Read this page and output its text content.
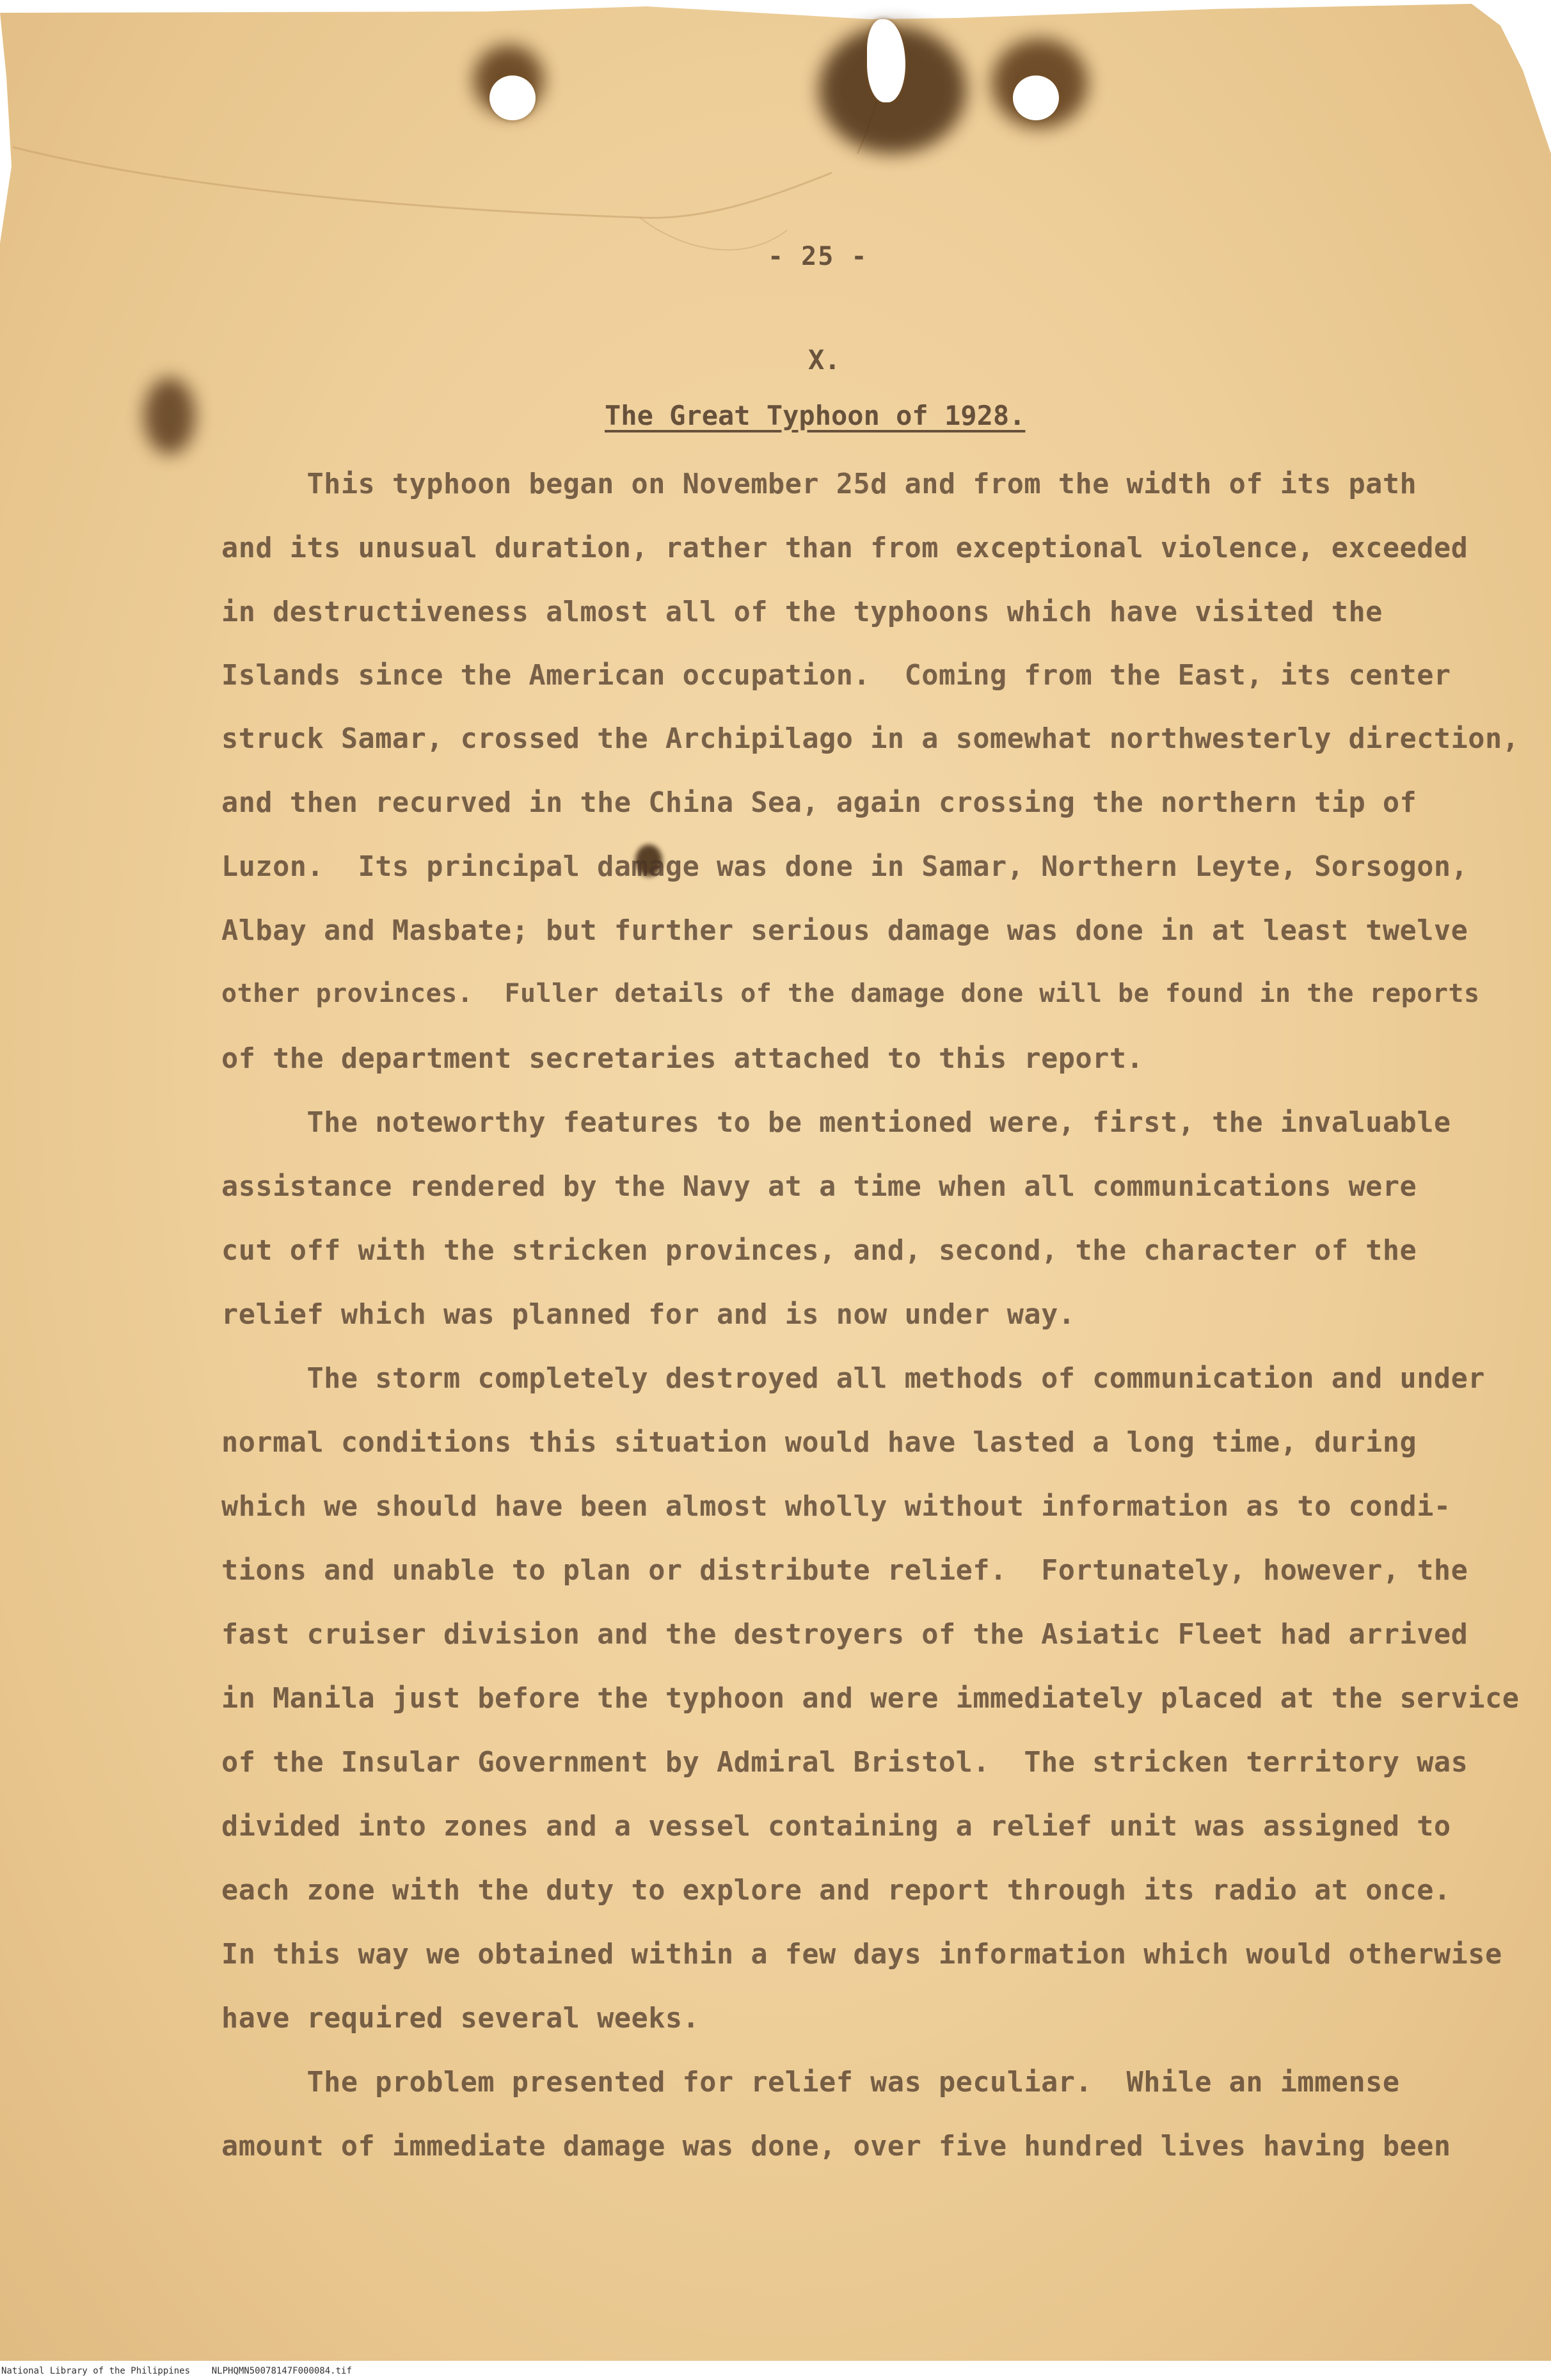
- 25 -
X.
The Great Typhoon of 1928.
This typhoon began on November 25d and from the width of its path
and its unusual duration, rather than from exceptional violence, exceeded
in destructiveness almost all of the typhoons which have visited the
Islands since the American occupation.  Coming from the East, its center
struck Samar, crossed the Archipilago in a somewhat northwesterly direction,
and then recurved in the China Sea, again crossing the northern tip of
Luzon.  Its principal damage was done in Samar, Northern Leyte, Sorsogon,
Albay and Masbate; but further serious damage was done in at least twelve
other provinces.  Fuller details of the damage done will be found in the reports
of the department secretaries attached to this report.
The noteworthy features to be mentioned were, first, the invaluable
assistance rendered by the Navy at a time when all communications were
cut off with the stricken provinces, and, second, the character of the
relief which was planned for and is now under way.
The storm completely destroyed all methods of communication and under
normal conditions this situation would have lasted a long time, during
which we should have been almost wholly without information as to condi-
tions and unable to plan or distribute relief.  Fortunately, however, the
fast cruiser division and the destroyers of the Asiatic Fleet had arrived
in Manila just before the typhoon and were immediately placed at the service
of the Insular Government by Admiral Bristol.  The stricken territory was
divided into zones and a vessel containing a relief unit was assigned to
each zone with the duty to explore and report through its radio at once.
In this way we obtained within a few days information which would otherwise
have required several weeks.
The problem presented for relief was peculiar.  While an immense
amount of immediate damage was done, over five hundred lives having been
National Library of the Philippines NLPHQMN50078147F000084.tif
